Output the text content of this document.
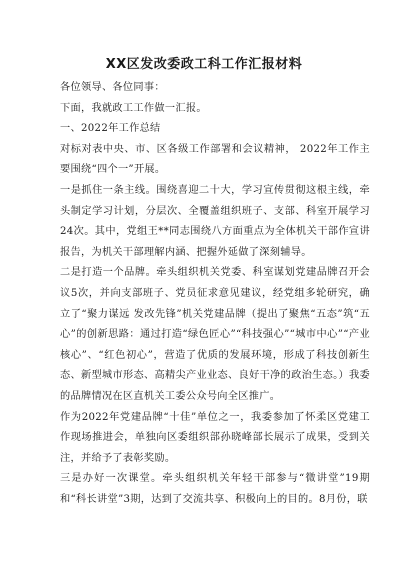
XX区发改委政工科工作汇报材料

各位领导、各位同事：

下面，我就政工工作做一汇报。

一、2022年工作总结

对标对表中央、市、区各级工作部署和会议精神， 2022年工作主要围绕“四个一”开展。

一是抓住一条主线。围绕喜迎二十大，学习宣传贯彻这根主线，牵头制定学习计划，分层次、全覆盖组织班子、支部、科室开展学习24次。其中，党组王**同志围绕八方面重点为全体机关干部作宣讲报告，为机关干部理解内涵、把握外延做了深刻辅导。

二是打造一个品牌。牵头组织机关党委、科室谋划党建品牌召开会议5次，并向支部班子、党员征求意见建议，经党组多轮研究，确立了“聚力谋远 发改先锋”机关党建品牌（提出了聚焦“五态”筑“五心”的创新思路：通过打造“绿色匠心”“科技强心”“城市中心”“产业核心”、“红色初心”，营造了优质的发展环境，形成了科技创新生态、新型城市形态、高精尖产业业态、良好干净的政治生态。）我委的品牌情况在区直机关工委公众号向全区推广。

作为2022年党建品牌“十佳”单位之一，我委参加了怀柔区党建工作现场推进会，单独向区委组织部孙晓峰部长展示了成果，受到关注，并给予了表彰奖励。

三是办好一次课堂。牵头组织机关年轻干部参与“微讲堂”19期和“科长讲堂”3期，达到了交流共享、积极向上的目的。8月份，联
